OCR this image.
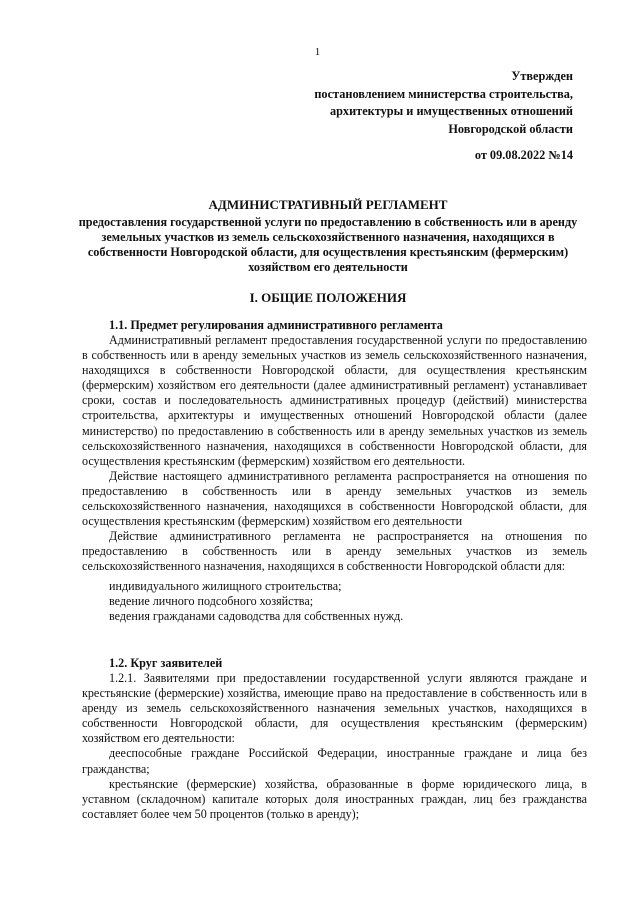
1
Утвержден
постановлением министерства строительства,
архитектуры и имущественных отношений
Новгородской области
от 09.08.2022 №14
АДМИНИСТРАТИВНЫЙ РЕГЛАМЕНТ
предоставления государственной услуги по предоставлению в собственность или в аренду земельных участков из земель сельскохозяйственного назначения, находящихся в собственности Новгородской области, для осуществления крестьянским (фермерским) хозяйством его деятельности
I. ОБЩИЕ ПОЛОЖЕНИЯ
1.1. Предмет регулирования административного регламента

Административный регламент предоставления государственной услуги по предоставлению в собственность или в аренду земельных участков из земель сельскохозяйственного назначения, находящихся в собственности Новгородской области, для осуществления крестьянским (фермерским) хозяйством его деятельности (далее административный регламент) устанавливает сроки, состав и последовательность административных процедур (действий) министерства строительства, архитектуры и имущественных отношений Новгородской области (далее министерство) по предоставлению в собственность или в аренду земельных участков из земель сельскохозяйственного назначения, находящихся в собственности Новгородской области, для осуществления крестьянским (фермерским) хозяйством его деятельности.

Действие настоящего административного регламента распространяется на отношения по предоставлению в собственность или в аренду земельных участков из земель сельскохозяйственного назначения, находящихся в собственности Новгородской области, для осуществления крестьянским (фермерским) хозяйством его деятельности

Действие административного регламента не распространяется на отношения по предоставлению в собственность или в аренду земельных участков из земель сельскохозяйственного назначения, находящихся в собственности Новгородской области для:

индивидуального жилищного строительства;

ведение личного подсобного хозяйства;

ведения гражданами садоводства для собственных нужд.

1.2. Круг заявителей

1.2.1. Заявителями при предоставлении государственной услуги являются граждане и крестьянские (фермерские) хозяйства, имеющие право на предоставление в собственность или в аренду из земель сельскохозяйственного назначения земельных участков, находящихся в собственности Новгородской области, для осуществления крестьянским (фермерским) хозяйством его деятельности:

дееспособные граждане Российской Федерации, иностранные граждане и лица без гражданства;

крестьянские (фермерские) хозяйства, образованные в форме юридического лица, в уставном (складочном) капитале которых доля иностранных граждан, лиц без гражданства составляет более чем 50 процентов (только в аренду);
